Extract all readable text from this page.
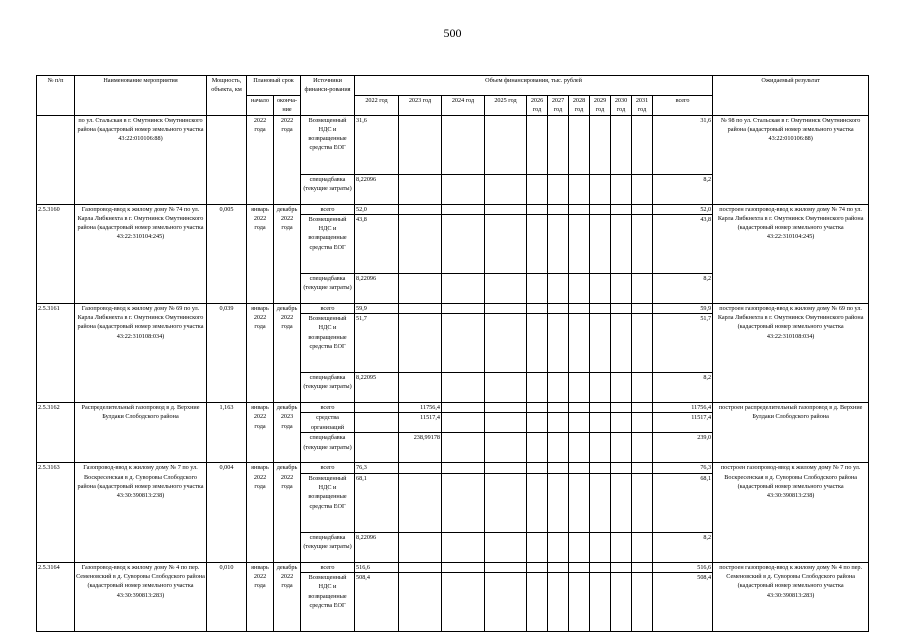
500
№ п/п	Наименование мероприятия	Мощность, объекта, км	Плановый срок		Источники финанси-рования	Объем финансирования, тыс. рублей											Ожидаемый результат
			начало	оконча-ние		2022 год	2023 год	2024 год	2025 год	2026 год	2027 год	2028 год	2029 год	2030 год	2031 год	всего	

	по ул. Стальская в г. Омутнинск Омутнинского района (кадастровый номер земельного участка 43:22:010106:88)		2022 года	2022 года	Возмещенный НДС и возвращенные средства ЕОГ	31,6										31,6	№ 98 по ул. Стальская в г. Омутнинск Омутнинского района (кадастровый номер земельного участка 43:22:010106:88)
					спецнадбавка (текущие затраты)	8,22096										8,2	
2.5.3160	Газопровод-ввод к жилому дому № 74 по ул. Карла Либкнехта в г. Омутнинск Омутнинского района (кадастровый номер земельного участка 43:22:310104:245)	0,005	январь 2022 года	декабрь 2022 года	всего	52,0										52,0	построен газопровод-ввод к жилому дому № 74 по ул. Карла Либкнехта в г. Омутнинск Омутнинского района (кадастровый номер земельного участка 43:22:310104:245)
					Возмещенный НДС и возвращенные средства ЕОГ	43,8										43,8	
					спецнадбавка (текущие затраты)	8,22096										8,2	
2.5.3161	Газопровод-ввод к жилому дому № 69 по ул. Карла Либкнехта в г. Омутнинск Омутнинского района (кадастровый номер земельного участка 43:22:310108:034)	0,039	январь 2022 года	декабрь 2022 года	всего	59,9										59,9	построен газопровод-ввод к жилому дому № 69 по ул. Карла Либкнехта в г. Омутнинск Омутнинского района (кадастровый номер земельного участка 43:22:310108:034)
					Возмещенный НДС и возвращенные средства ЕОГ	51,7										51,7	
					спецнадбавка (текущие затраты)	8,22095										8,2	
2.5.3162	Распределительный газопровод в д. Верхние Булдаки Слободского района	1,163	январь 2022 года	декабрь 2023 года	всего		11756,4									11756,4	построен распределительный газопровод в д. Верхние Булдаки Слободского района
					средства организаций		11517,4									11517,4	
					спецнадбавка (текущие затраты)		238,99178									239,0	
2.5.3163	Газопровод-ввод к жилому дому № 7 по ул. Воскресенская в д. Суворовы Слободского района (кадастровый номер земельного участка 43:30:390813:238)	0,004	январь 2022 года	декабрь 2022 года	всего	76,3										76,3	построен газопровод-ввод к жилому дому № 7 по ул. Воскресенская в д. Суворовы Слободского района (кадастровый номер земельного участка 43:30:390813:238)
					Возмещенный НДС и возвращенные средства ЕОГ	68,1										68,1	
					спецнадбавка (текущие затраты)	8,22096										8,2	
2.5.3164	Газопровод-ввод к жилому дому № 4 по пер. Семеновский в д. Суворовы Слободского района (кадастровый номер земельного участка 43:30:390813:283)	0,010	январь 2022 года	декабрь 2022 года	всего	516,6										516,6	построен газопровод-ввод к жилому дому № 4 по пер. Семеновский в д. Суворовы Слободского района (кадастровый номер земельного участка 43:30:390813:283)
					Возмещенный НДС и возвращенные средства ЕОГ	508,4										508,4	
